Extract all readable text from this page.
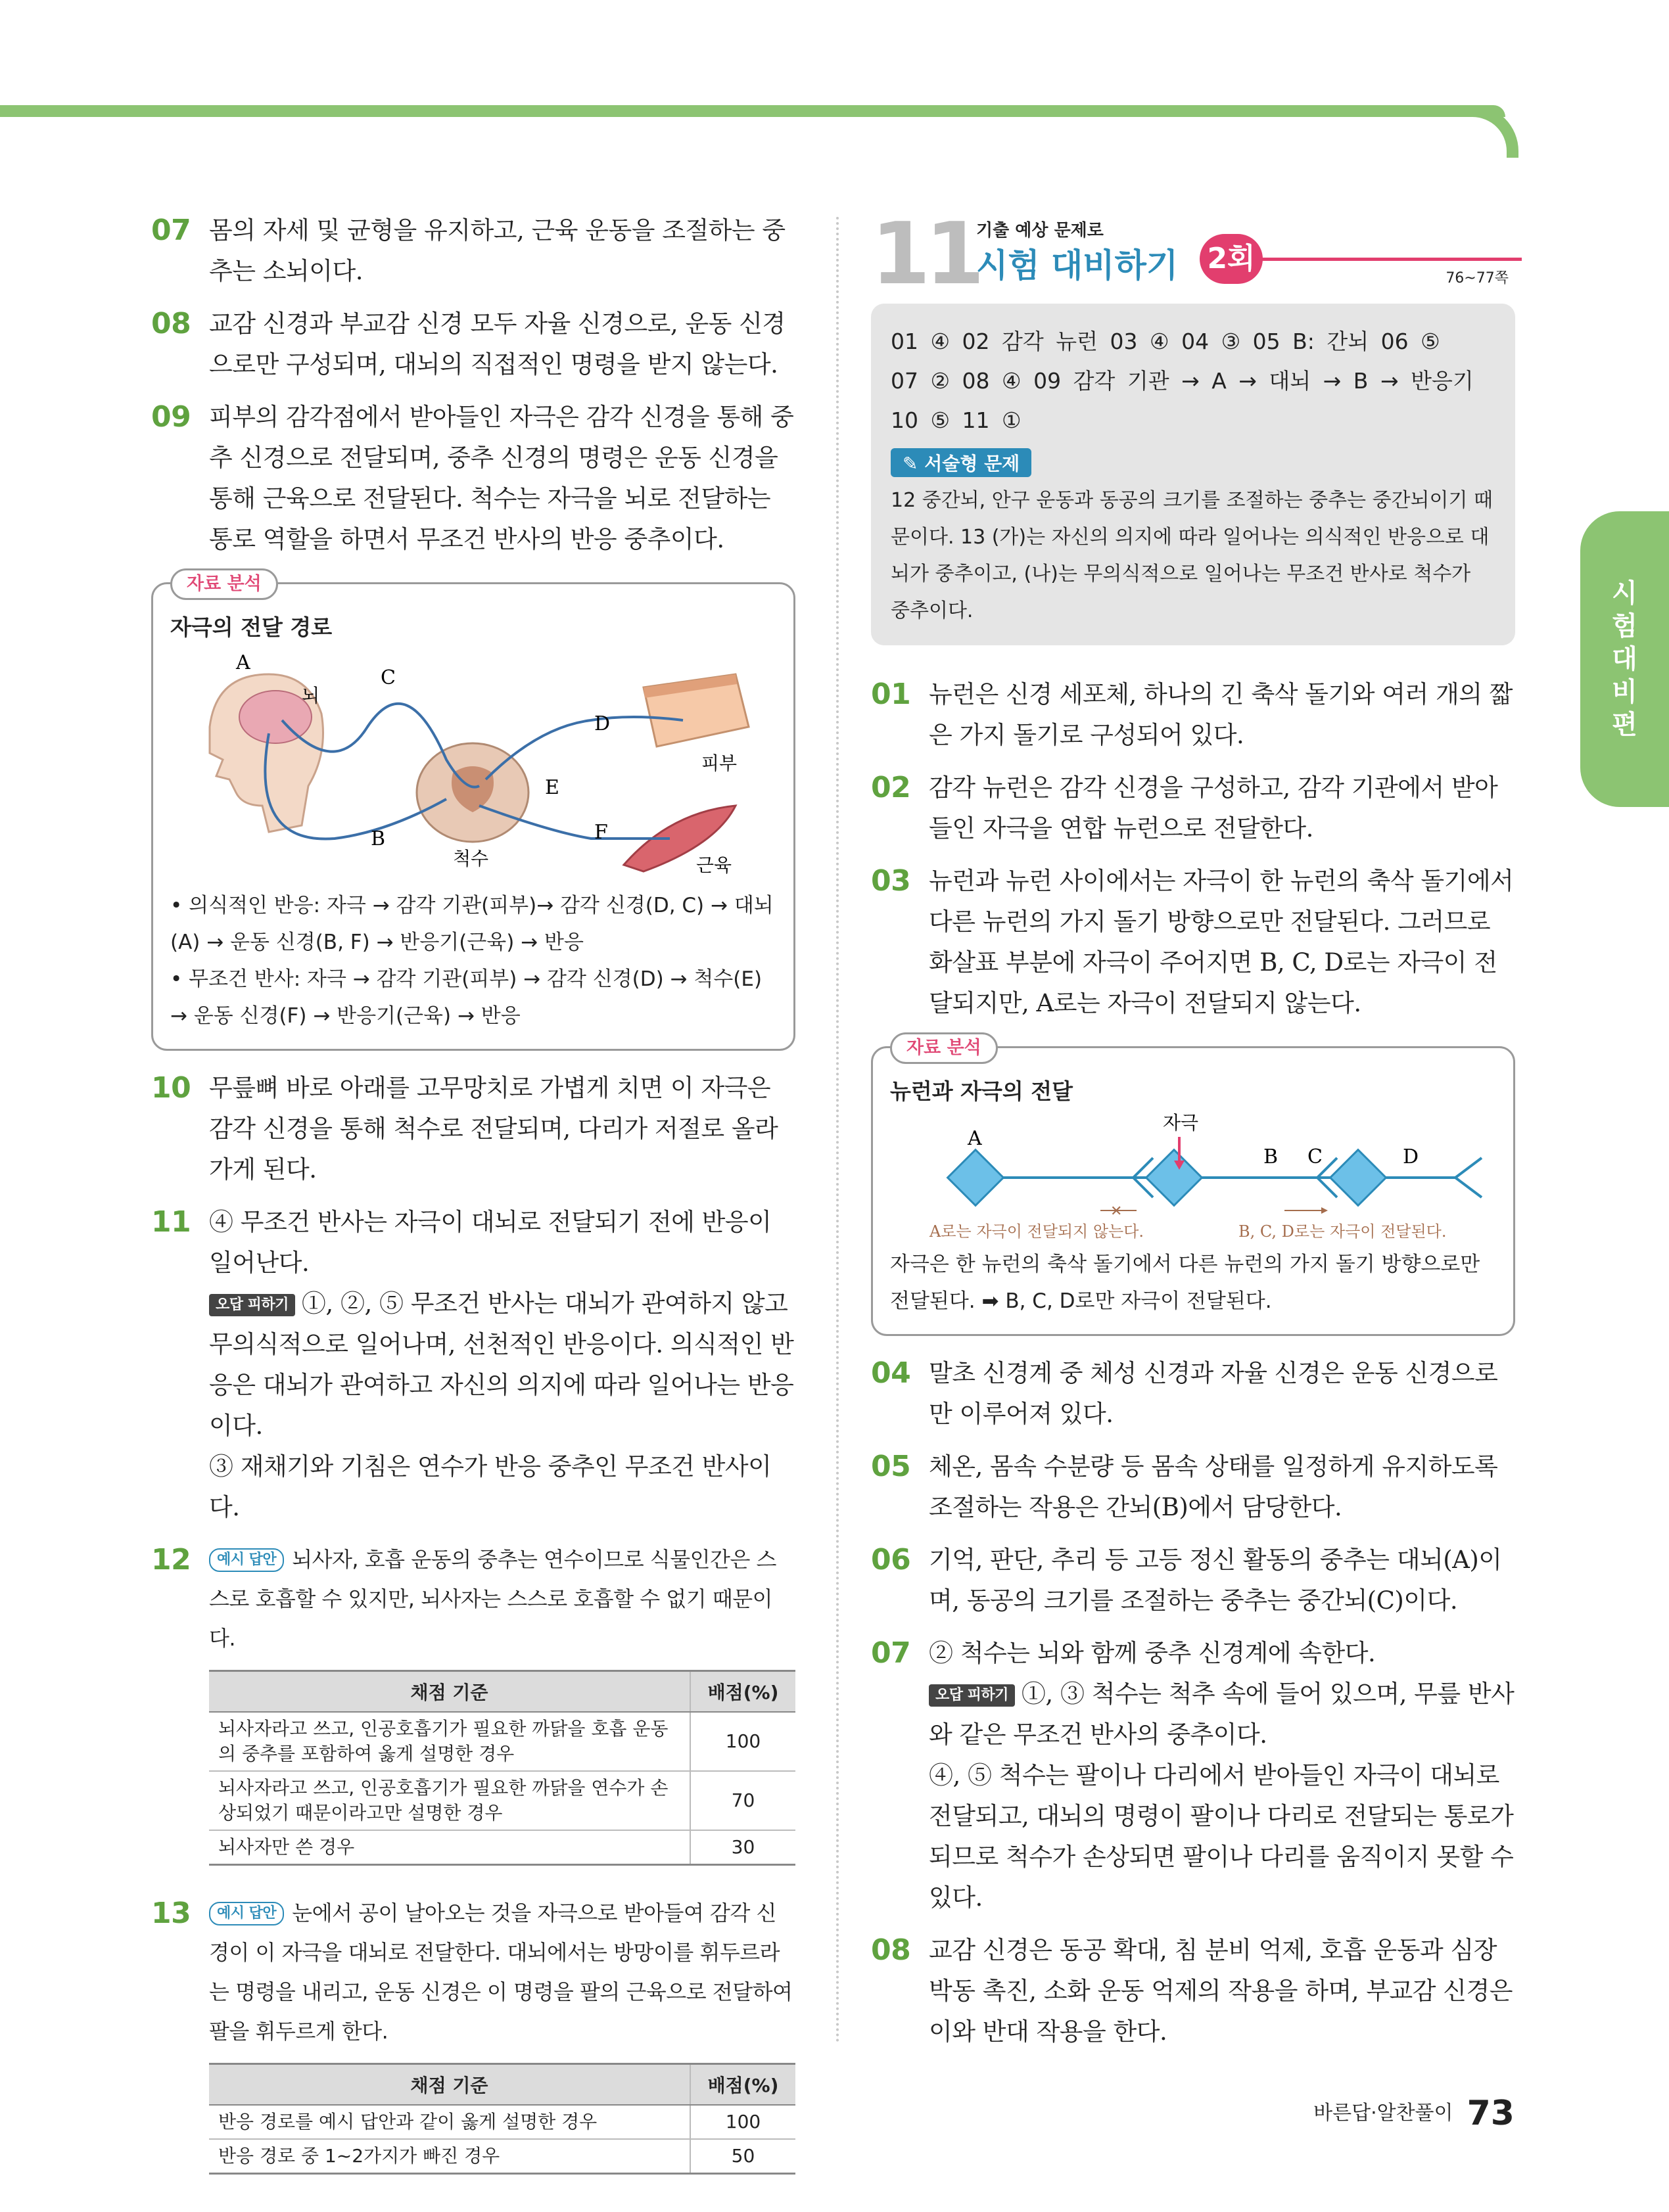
07 몸의 자세 및 균형을 유지하고, 근육 운동을 조절하는 중추는 소뇌이다.
08 교감 신경과 부교감 신경 모두 자율 신경으로, 운동 신경으로만 구성되며, 대뇌의 직접적인 명령을 받지 않는다.
09 피부의 감각점에서 받아들인 자극은 감각 신경을 통해 중추 신경으로 전달되며, 중추 신경의 명령은 운동 신경을 통해 근육으로 전달된다. 척수는 자극을 뇌로 전달하는 통로 역할을 하면서 무조건 반사의 반응 중추이다.
자료 분석
자극의 전달 경로
A
뇌
C
D
피부
E
B	F
척수	근육
• 의식적인 반응: 자극 → 감각 기관(피부)→ 감각 신경(D, C) → 대뇌(A) → 운동 신경(B, F) → 반응기(근육) → 반응
• 무조건 반사: 자극 → 감각 기관(피부) → 감각 신경(D) → 척수(E) → 운동 신경(F) → 반응기(근육) → 반응
10 무릎뼈 바로 아래를 고무망치로 가볍게 치면 이 자극은 감각 신경을 통해 척수로 전달되며, 다리가 저절로 올라가게 된다.
11 ④ 무조건 반사는 자극이 대뇌로 전달되기 전에 반응이 일어난다.
오답 피하기 ①, ②, ⑤ 무조건 반사는 대뇌가 관여하지 않고 무의식적으로 일어나며, 선천적인 반응이다. 의식적인 반응은 대뇌가 관여하고 자신의 의지에 따라 일어나는 반응이다.
③ 재채기와 기침은 연수가 반응 중추인 무조건 반사이다.
12	예시 답안 뇌사자, 호흡 운동의 중추는 연수이므로 식물인간은 스스로 호흡할 수 있지만, 뇌사자는 스스로 호흡할 수 없기 때문이다.
채점 기준	배점(%)
뇌사자라고 쓰고, 인공호흡기가 필요한 까닭을 호흡 운동의 중추를 포함하여 옳게 설명한 경우	100
뇌사자라고 쓰고, 인공호흡기가 필요한 까닭을 연수가 손상되었기 때문이라고만 설명한 경우	70
뇌사자만 쓴 경우	30
13	예시 답안 눈에서 공이 날아오는 것을 자극으로 받아들여 감각 신경이 이 자극을 대뇌로 전달한다. 대뇌에서는 방망이를 휘두르라는 명령을 내리고, 운동 신경은 이 명령을 팔의 근육으로 전달하여 팔을 휘두르게 한다.
채점 기준	배점(%)
반응 경로를 예시 답안과 같이 옳게 설명한 경우	100
반응 경로 중 1~2가지가 빠진 경우	50
11
기출 예상 문제로
시험 대비하기 2회
76~77쪽
01 ④ 02 감각 뉴런 03 ④ 04 ③ 05 B: 간뇌 06 ⑤
07 ② 08 ④ 09 감각 기관 → A → 대뇌 → B → 반응기
10 ⑤ 11 ①
✎ 서술형 문제
12 중간뇌, 안구 운동과 동공의 크기를 조절하는 중추는 중간뇌이기 때문이다. 13 (가)는 자신의 의지에 따라 일어나는 의식적인 반응으로 대뇌가 중추이고, (나)는 무의식적으로 일어나는 무조건 반사로 척수가 중추이다.
01 뉴런은 신경 세포체, 하나의 긴 축삭 돌기와 여러 개의 짧은 가지 돌기로 구성되어 있다.
02 감각 뉴런은 감각 신경을 구성하고, 감각 기관에서 받아들인 자극을 연합 뉴런으로 전달한다.
03 뉴런과 뉴런 사이에서는 자극이 한 뉴런의 축삭 돌기에서 다른 뉴런의 가지 돌기 방향으로만 전달된다. 그러므로 화살표 부분에 자극이 주어지면 B, C, D로는 자극이 전달되지만, A로는 자극이 전달되지 않는다.
자료 분석
뉴런과 자극의 전달
A
자극
B C	D
✕
A로는 자극이 전달되지 않는다.	B, C, D로는 자극이 전달된다.
자극은 한 뉴런의 축삭 돌기에서 다른 뉴런의 가지 돌기 방향으로만 전달된다. ➡ B, C, D로만 자극이 전달된다.
04 말초 신경계 중 체성 신경과 자율 신경은 운동 신경으로만 이루어져 있다.
05 체온, 몸속 수분량 등 몸속 상태를 일정하게 유지하도록 조절하는 작용은 간뇌(B)에서 담당한다.
06 기억, 판단, 추리 등 고등 정신 활동의 중추는 대뇌(A)이며, 동공의 크기를 조절하는 중추는 중간뇌(C)이다.
07 ② 척수는 뇌와 함께 중추 신경계에 속한다.
오답 피하기 ①, ③ 척수는 척추 속에 들어 있으며, 무릎 반사와 같은 무조건 반사의 중추이다.
④, ⑤ 척수는 팔이나 다리에서 받아들인 자극이 대뇌로 전달되고, 대뇌의 명령이 팔이나 다리로 전달되는 통로가 되므로 척수가 손상되면 팔이나 다리를 움직이지 못할 수 있다.
08 교감 신경은 동공 확대, 침 분비 억제, 호흡 운동과 심장 박동 촉진, 소화 운동 억제의 작용을 하며, 부교감 신경은 이와 반대 작용을 한다.
시
험
대
비
편
바른답·알찬풀이 73
